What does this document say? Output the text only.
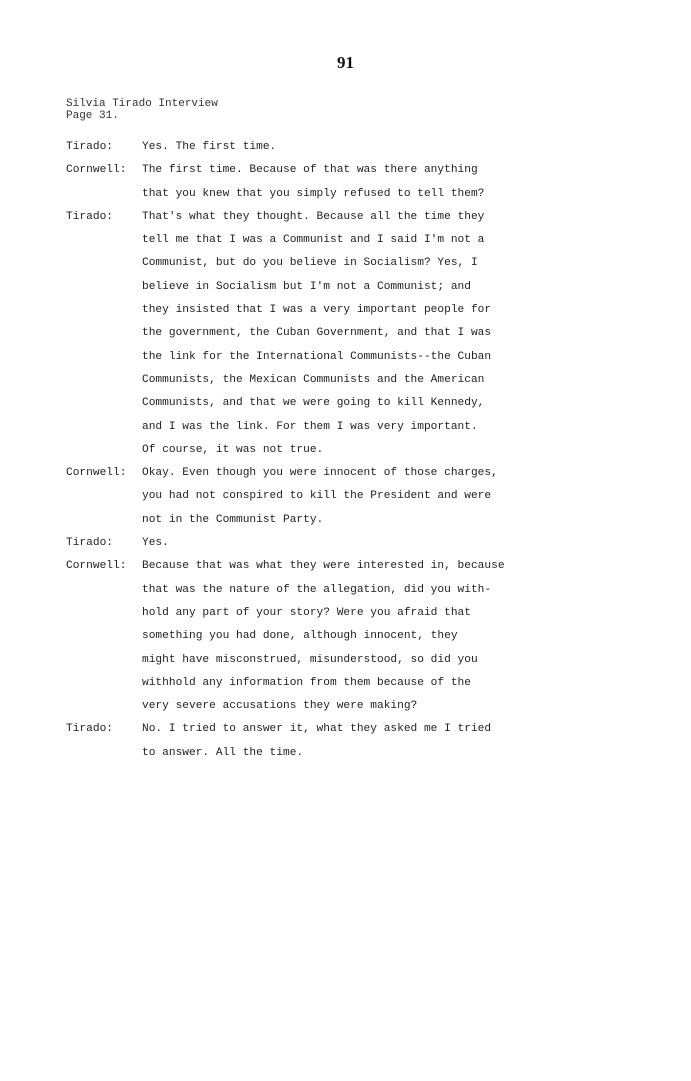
91
Silvia Tirado Interview
Page 31.
Tirado:	Yes. The first time.
Cornwell:	The first time. Because of that was there anything
that you knew that you simply refused to tell them?
Tirado:	That's what they thought. Because all the time they
tell me that I was a Communist and I said I'm not a
Communist, but do you believe in Socialism? Yes, I
believe in Socialism but I'm not a Communist; and
they insisted that I was a very important people for
the government, the Cuban Government, and that I was
the link for the International Communists--the Cuban
Communists, the Mexican Communists and the American
Communists, and that we were going to kill Kennedy,
and I was the link. For them I was very important.
Of course, it was not true.
Cornwell:	Okay. Even though you were innocent of those charges,
you had not conspired to kill the President and were
not in the Communist Party.
Tirado:	Yes.
Cornwell:	Because that was what they were interested in, because
that was the nature of the allegation, did you with-
hold any part of your story? Were you afraid that
something you had done, although innocent, they
might have misconstrued, misunderstood, so did you
withhold any information from them because of the
very severe accusations they were making?
Tirado:	No. I tried to answer it, what they asked me I tried
to answer. All the time.
